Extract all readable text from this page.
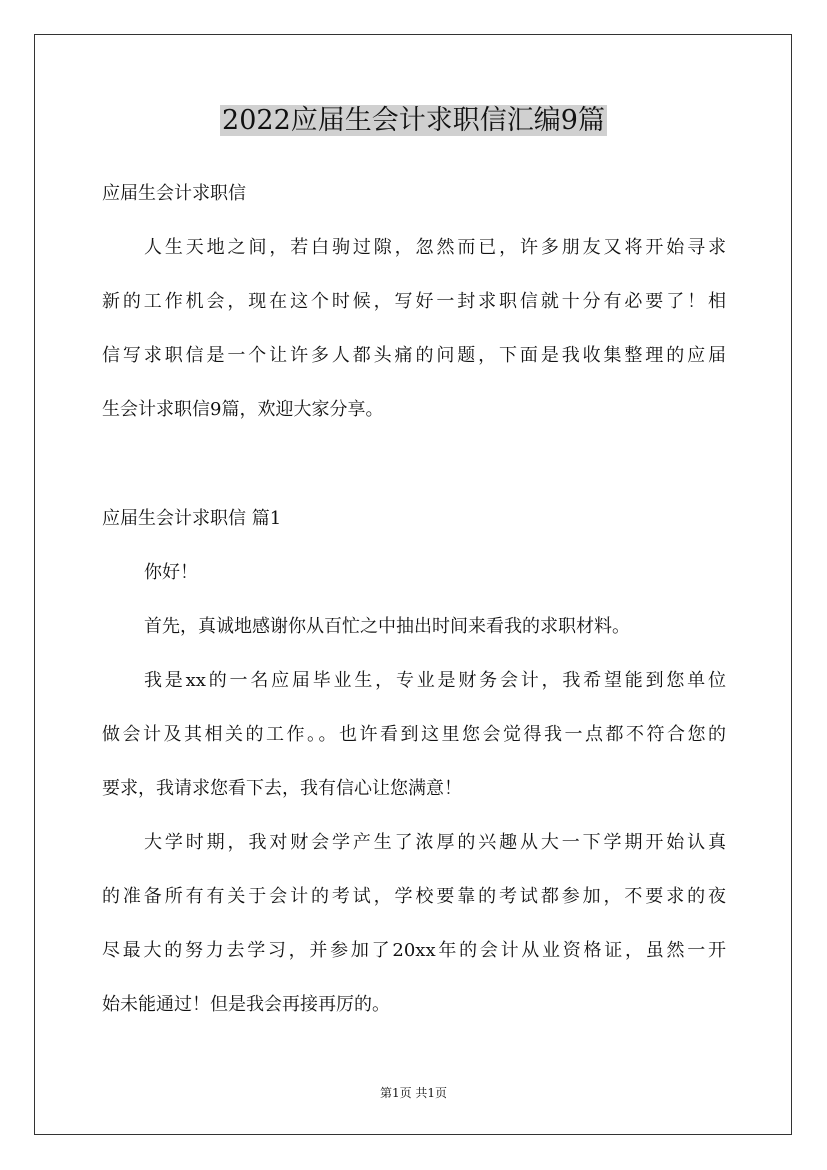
2022应届生会计求职信汇编9篇
应届生会计求职信
人生天地之间，若白驹过隙，忽然而已，许多朋友又将开始寻求
新的工作机会，现在这个时候，写好一封求职信就十分有必要了！相
信写求职信是一个让许多人都头痛的问题，下面是我收集整理的应届
生会计求职信9篇，欢迎大家分享。
应届生会计求职信 篇1
你好！
首先，真诚地感谢你从百忙之中抽出时间来看我的求职材料。
我是xx的一名应届毕业生，专业是财务会计，我希望能到您单位
做会计及其相关的工作。。也许看到这里您会觉得我一点都不符合您的
要求，我请求您看下去，我有信心让您满意！
大学时期，我对财会学产生了浓厚的兴趣从大一下学期开始认真
的准备所有有关于会计的考试，学校要靠的考试都参加，不要求的夜
尽最大的努力去学习，并参加了20xx年的会计从业资格证，虽然一开
始未能通过！但是我会再接再厉的。
第1页 共1页
